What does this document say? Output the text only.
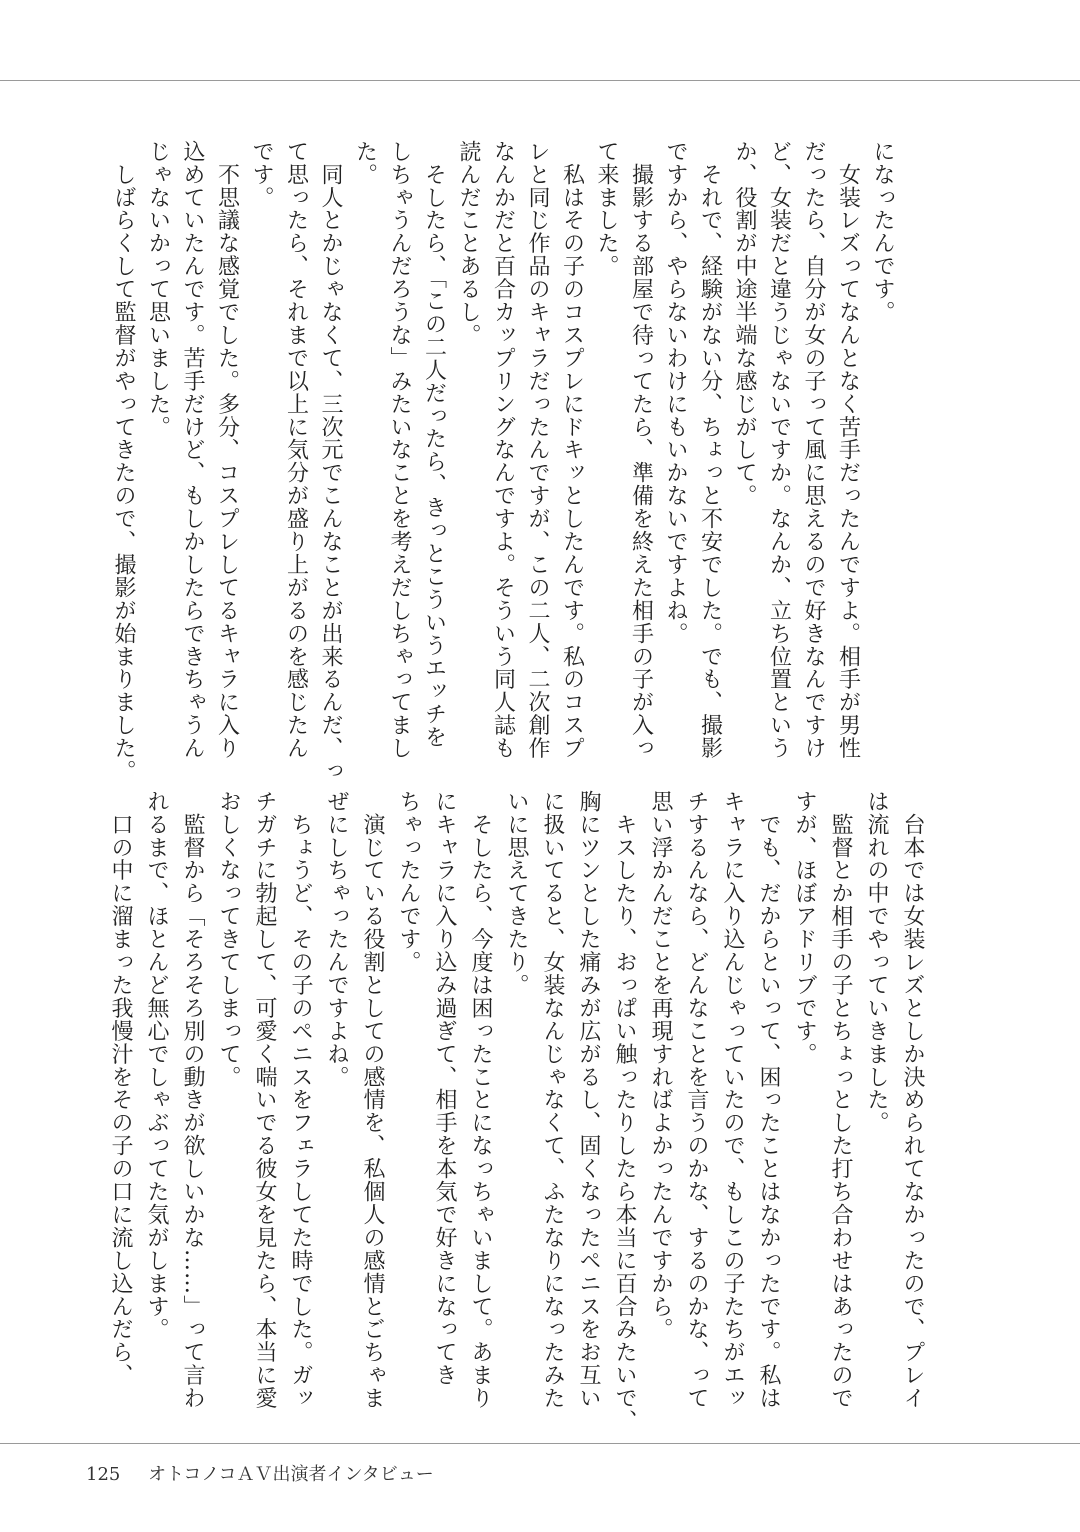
になったんです。
　女装レズってなんとなく苦手だったんですよ。相手が男性
だったら、自分が女の子って風に思えるので好きなんですけ
ど、女装だと違うじゃないですか。なんか、立ち位置という
か、役割が中途半端な感じがして。
　それで、経験がない分、ちょっと不安でした。でも、撮影
ですから、やらないわけにもいかないですよね。
　撮影する部屋で待ってたら、準備を終えた相手の子が入っ
て来ました。
　私はその子のコスプレにドキッとしたんです。私のコスプ
レと同じ作品のキャラだったんですが、この二人、二次創作
なんかだと百合カップリングなんですよ。そういう同人誌も
読んだことあるし。
　そしたら、「この二人だったら、きっとこういうエッチを
しちゃうんだろうな」みたいなことを考えだしちゃってまし
た。
　同人とかじゃなくて、三次元でこんなことが出来るんだ、っ
て思ったら、それまで以上に気分が盛り上がるのを感じたん
です。
　不思議な感覚でした。多分、コスプレしてるキャラに入り
込めていたんです。苦手だけど、もしかしたらできちゃうん
じゃないかって思いました。
　しばらくして監督がやってきたので、撮影が始まりました。
　台本では女装レズとしか決められてなかったので、プレイ
は流れの中でやっていきました。
　監督とか相手の子とちょっとした打ち合わせはあったので
すが、ほぼアドリブです。
　でも、だからといって、困ったことはなかったです。私は
キャラに入り込んじゃっていたので、もしこの子たちがエッ
チするんなら、どんなことを言うのかな、するのかな、って
思い浮かんだことを再現すればよかったんですから。
　キスしたり、おっぱい触ったりしたら本当に百合みたいで、
胸にツンとした痛みが広がるし、固くなったペニスをお互い
に扱いてると、女装なんじゃなくて、ふたなりになったみた
いに思えてきたり。
　そしたら、今度は困ったことになっちゃいまして。あまり
にキャラに入り込み過ぎて、相手を本気で好きになってき
ちゃったんです。
　演じている役割としての感情を、私個人の感情とごちゃま
ぜにしちゃったんですよね。
　ちょうど、その子のペニスをフェラしてた時でした。ガッ
チガチに勃起して、可愛く喘いでる彼女を見たら、本当に愛
おしくなってきてしまって。
　監督から「そろそろ別の動きが欲しいかな……」って言わ
れるまで、ほとんど無心でしゃぶってた気がします。
　口の中に溜まった我慢汁をその子の口に流し込んだら、
125 オトコノコＡＶ出演者インタビュー
